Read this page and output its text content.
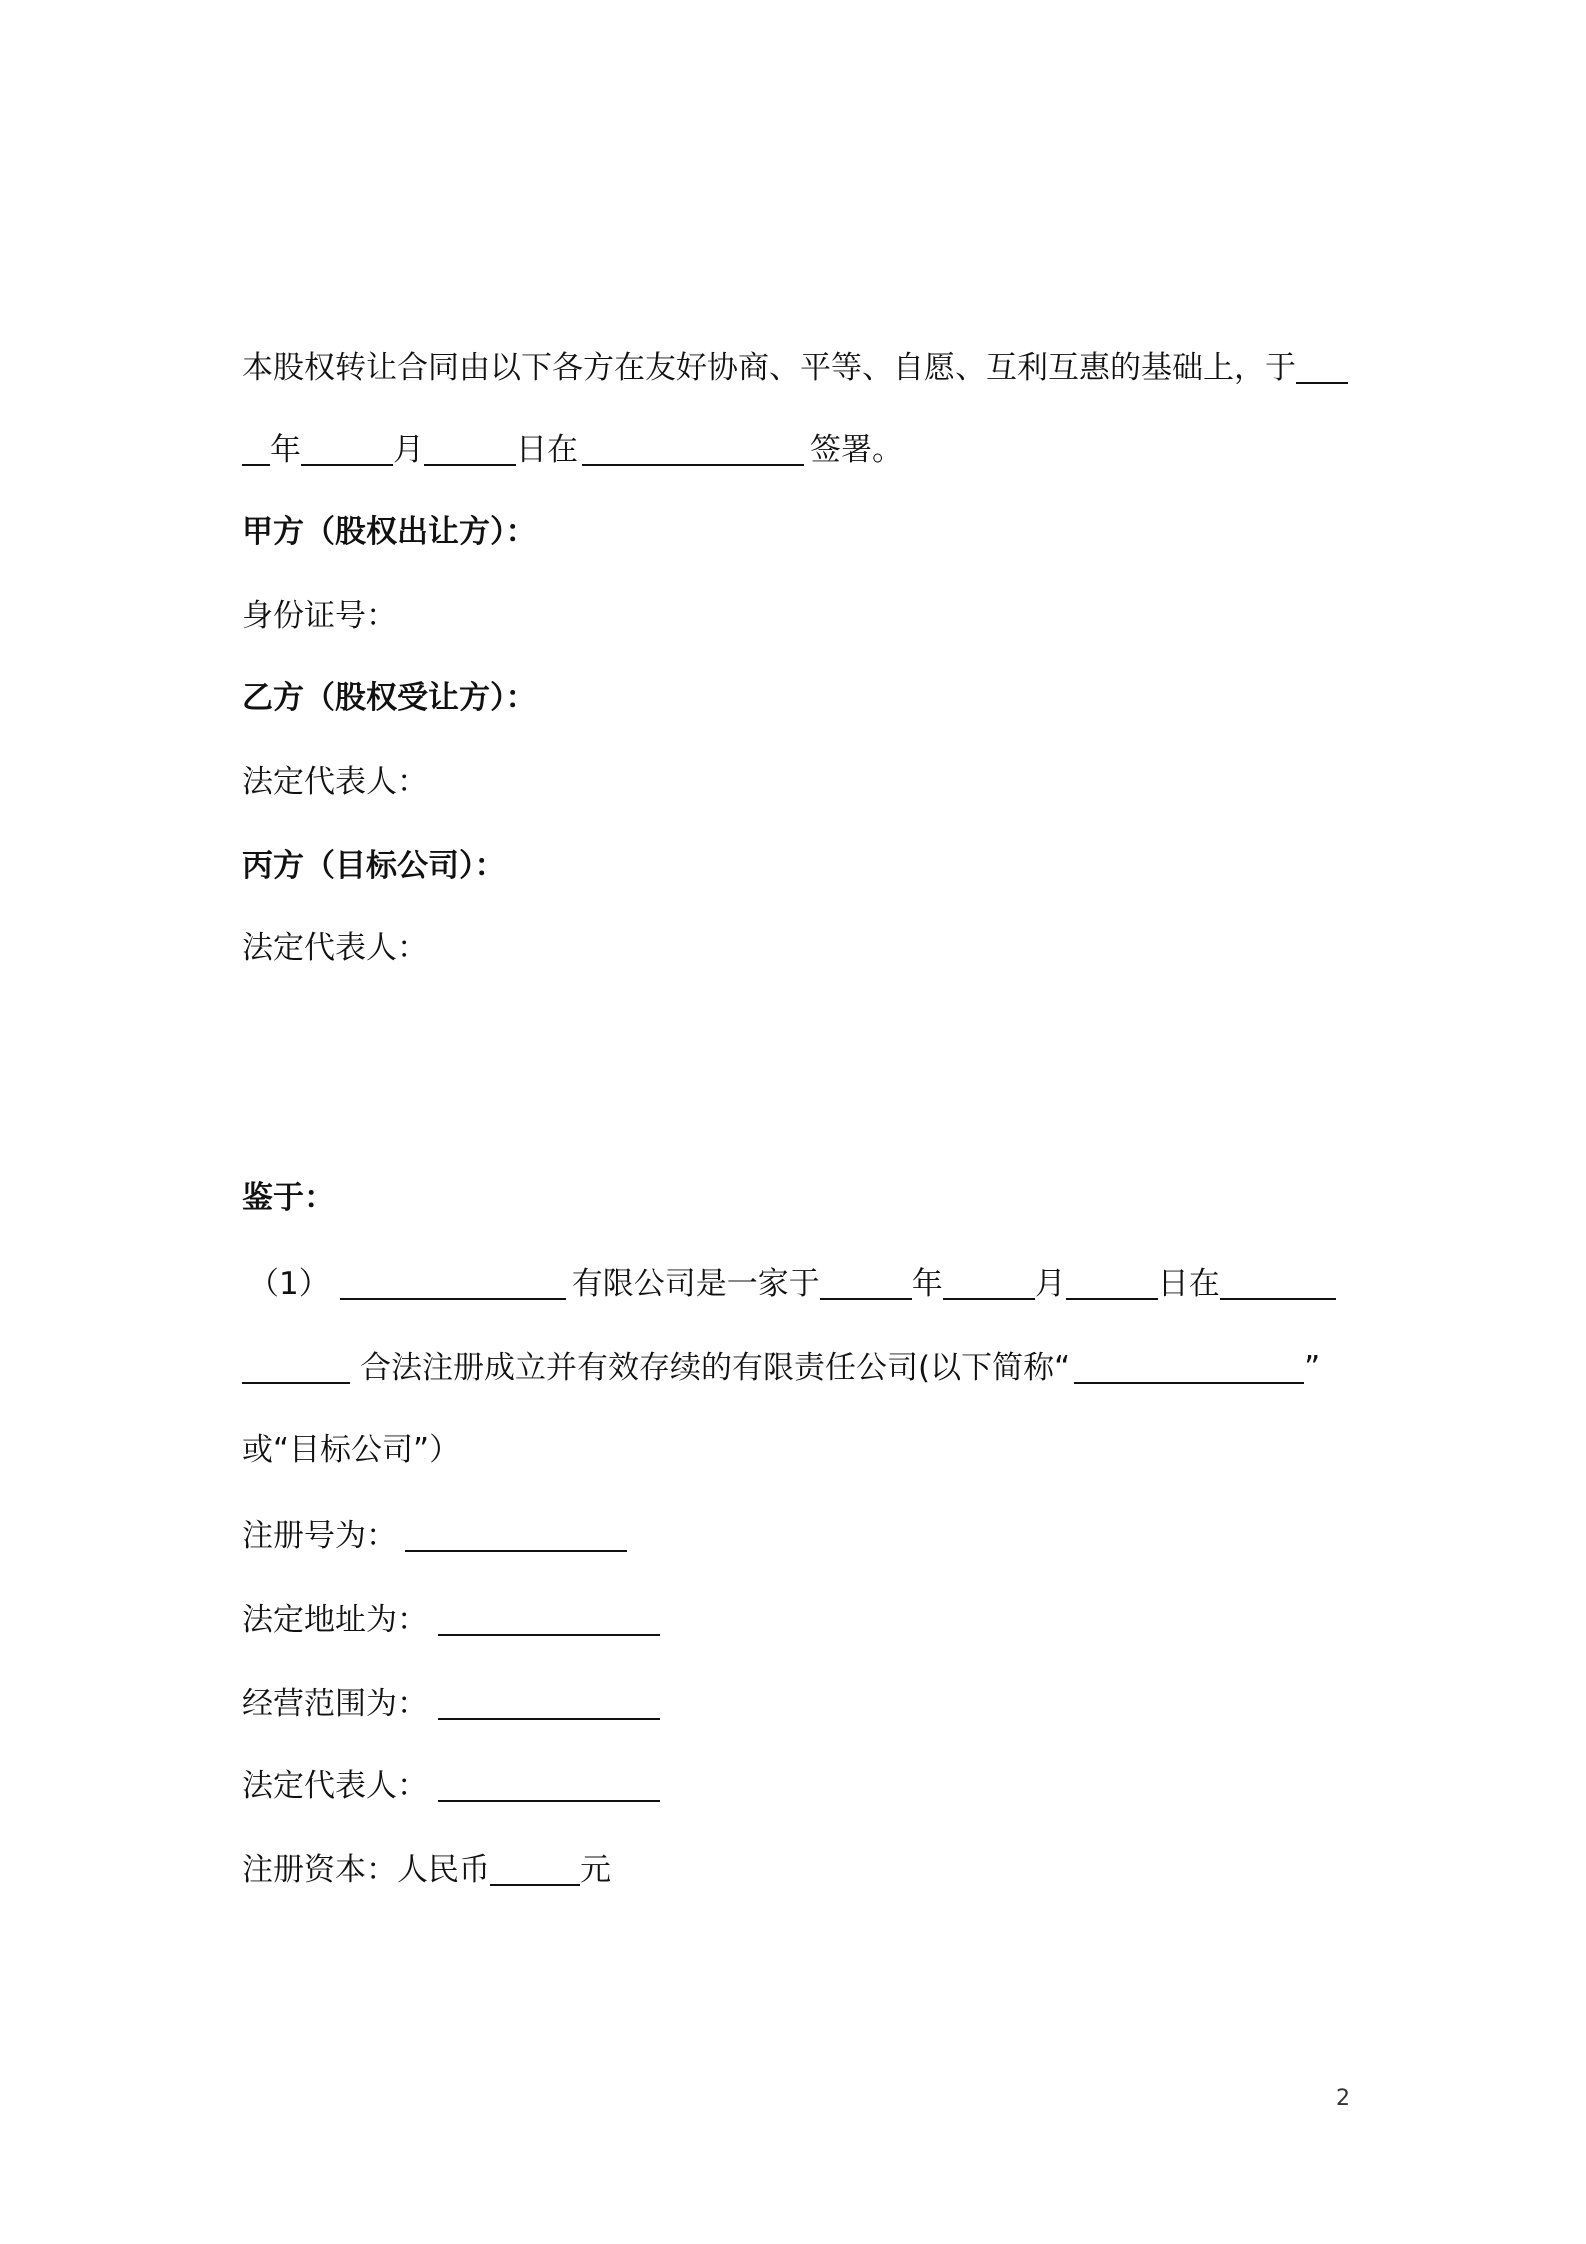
本股权转让合同由以下各方在友好协商、平等、自愿、互利互惠的基础上，于
年	月	日在	签署。
甲方（股权出让方）：
身份证号：
乙方（股权受让方）：
法定代表人：
丙方（目标公司）：
法定代表人：
鉴于：
（1）	有限公司是一家于	年	月	日在
合法注册成立并有效存续的有限责任公司(以下简称“	”
或“目标公司”）
注册号为：
法定地址为：
经营范围为：
法定代表人：
注册资本：人民币	元
2
